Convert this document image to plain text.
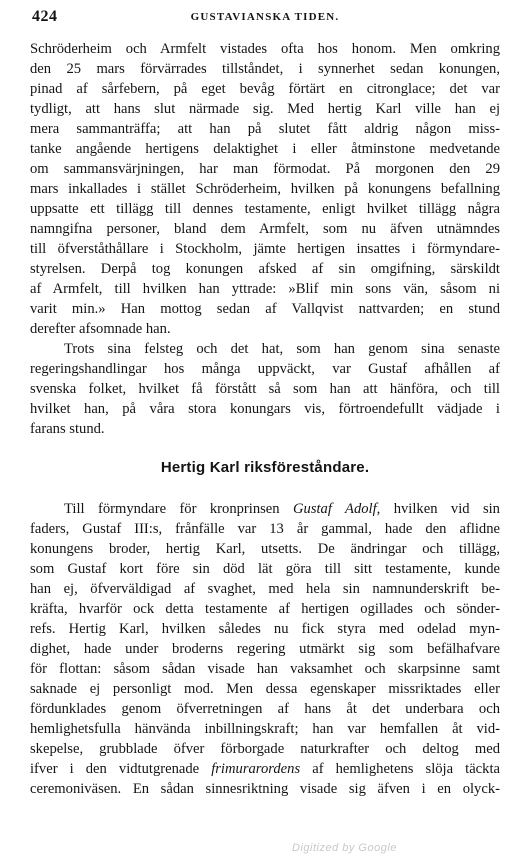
424	GUSTAVIANSKA TIDEN.

Schröderheim och Armfelt vistades ofta hos honom. Men omkring
den 25 mars förvärrades tillståndet, i synnerhet sedan konungen,
pinad af sårfebern, på eget bevåg förtärt en citronglace; det var
tydligt, att hans slut närmade sig. Med hertig Karl ville han ej
mera sammanträffa; att han på slutet fått aldrig någon miss-
tanke angående hertigens delaktighet i eller åtminstone medvetande
om sammansvärjningen, har man förmodat. På morgonen den 29
mars inkallades i stället Schröderheim, hvilken på konungens befallning
uppsatte ett tillägg till dennes testamente, enligt hvilket tillägg några
namngifna personer, bland dem Armfelt, som nu äfven utnämndes
till öfverståthållare i Stockholm, jämte hertigen insattes i förmyndare-
styrelsen. Derpå tog konungen afsked af sin omgifning, särskildt
af Armfelt, till hvilken han yttrade: »Blif min sons vän, såsom ni
varit min.» Han mottog sedan af Vallqvist nattvarden; en stund

derefter afsomnade han.

Trots sina felsteg och det hat, som han genom sina senaste
regeringshandlingar hos många uppväckt, var Gustaf afhållen af
svenska folket, hvilket få förstått så som han att hänföra, och till
hvilket han, på våra stora konungars vis, förtroendefullt vädjade i

farans stund.

Hertig Karl riksföreståndare.

Till förmyndare för kronprinsen Gustaf Adolf, hvilken vid sin
faders, Gustaf III:s, frånfälle var 13 år gammal, hade den aflidne
konungens broder, hertig Karl, utsetts. De ändringar och tillägg,
som Gustaf kort före sin död lät göra till sitt testamente, kunde
han ej, öfverväldigad af svaghet, med hela sin namnunderskrift be-
kräfta, hvarför ock detta testamente af hertigen ogillades och sönder-
refs. Hertig Karl, hvilken således nu fick styra med odelad myn-
dighet, hade under broderns regering utmärkt sig som befälhafvare
för flottan: såsom sådan visade han vaksamhet och skarpsinne samt
saknade ej personligt mod. Men dessa egenskaper missriktades eller
fördunklades genom öfverretningen af hans åt det underbara och
hemlighetsfulla hänvända inbillningskraft; han var hemfallen åt vid-
skepelse, grubblade öfver förborgade naturkrafter och deltog med
ifver i den vidtutgrenade frimurarordens af hemlighetens slöja täckta
ceremoniväsen. En sådan sinnesriktning visade sig äfven i en olyck-

Digitized by Google
